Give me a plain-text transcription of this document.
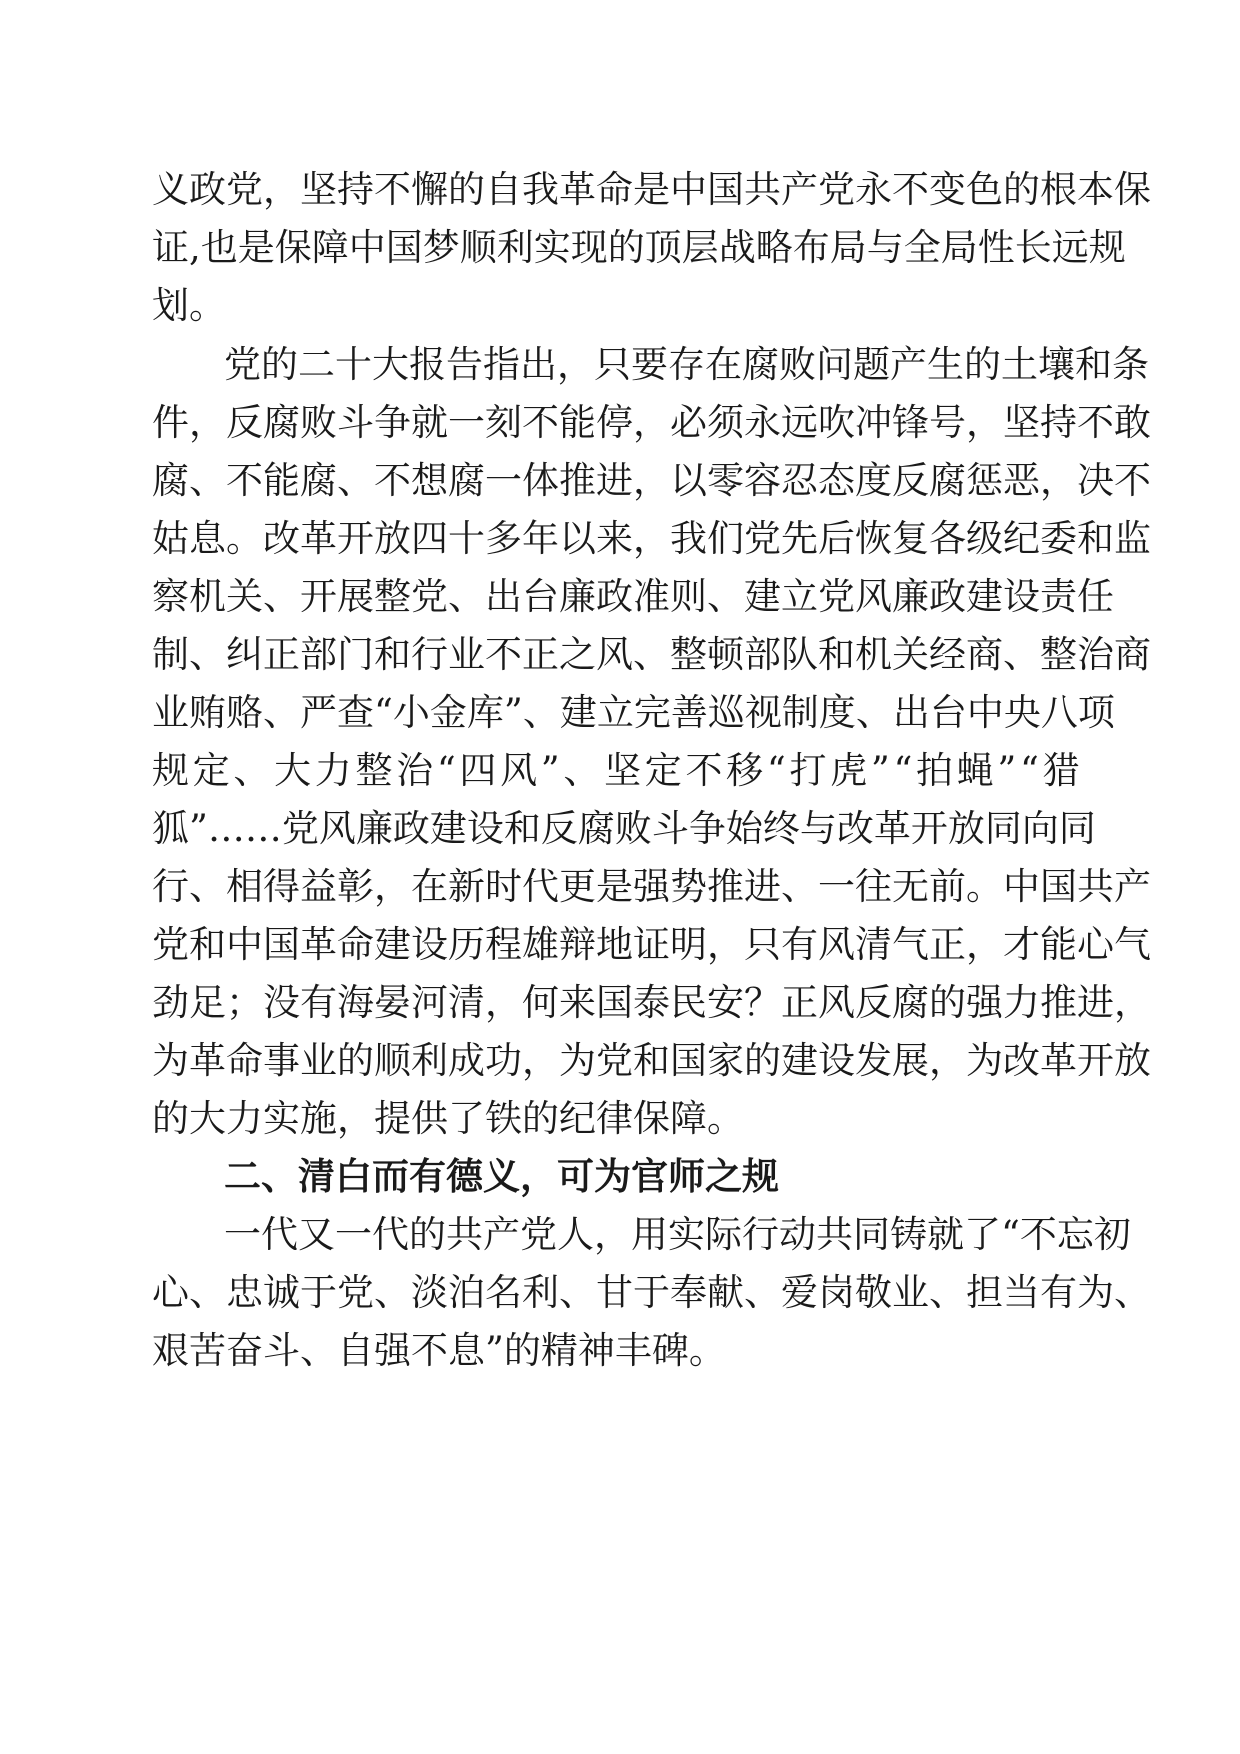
义 政 党 ， 坚 持 不 懈 的 自 我 革 命 是 中 国 共 产 党 永 不 变 色 的 根 本 保
证 , 也 是 保 障 中 国 梦 顺 利 实 现 的 顶 层 战 略 布 局 与 全 局 性 长 远 规
划。
党 的 二 十 大 报 告 指 出 ， 只 要 存 在 腐 败 问 题 产 生 的 土 壤 和 条
件 ， 反 腐 败 斗 争 就 一 刻 不 能 停 ， 必 须 永 远 吹 冲 锋 号 ， 坚 持 不 敢
腐 、 不 能 腐 、 不 想 腐 一 体 推 进 ， 以 零 容 忍 态 度 反 腐 惩 恶 ， 决 不
姑 息 。 改 革 开 放 四 十 多 年 以 来 ， 我 们 党 先 后 恢 复 各 级 纪 委 和 监
察 机 关 、 开 展 整 党 、 出 台 廉 政 准 则 、 建 立 党 风 廉 政 建 设 责 任
制 、 纠 正 部 门 和 行 业 不 正 之 风 、 整 顿 部 队 和 机 关 经 商 、 整 治 商
业 贿 赂 、 严 查 “ 小 金 库 ” 、 建 立 完 善 巡 视 制 度 、 出 台 中 央 八 项
规 定 、 大 力 整 治 “ 四 风 ” 、 坚 定 不 移 “ 打 虎 ” “ 拍 蝇 ” “ 猎
狐 ” … … 党 风 廉 政 建 设 和 反 腐 败 斗 争 始 终 与 改 革 开 放 同 向 同
行 、 相 得 益 彰 ， 在 新 时 代 更 是 强 势 推 进 、 一 往 无 前 。 中 国 共 产
党 和 中 国 革 命 建 设 历 程 雄 辩 地 证 明 ， 只 有 风 清 气 正 ， 才 能 心 气
劲 足 ； 没 有 海 晏 河 清 ， 何 来 国 泰 民 安 ？ 正 风 反 腐 的 强 力 推 进 ，
为 革 命 事 业 的 顺 利 成 功 ， 为 党 和 国 家 的 建 设 发 展 ， 为 改 革 开 放
的大力实施，提供了铁的纪律保障。
二、清白而有德义，可为官师之规
一 代 又 一 代 的 共 产 党 人 ， 用 实 际 行 动 共 同 铸 就 了 “ 不 忘 初
心 、 忠 诚 于 党 、 淡 泊 名 利 、 甘 于 奉 献 、 爱 岗 敬 业 、 担 当 有 为 、
艰苦奋斗、自强不息”的精神丰碑。
